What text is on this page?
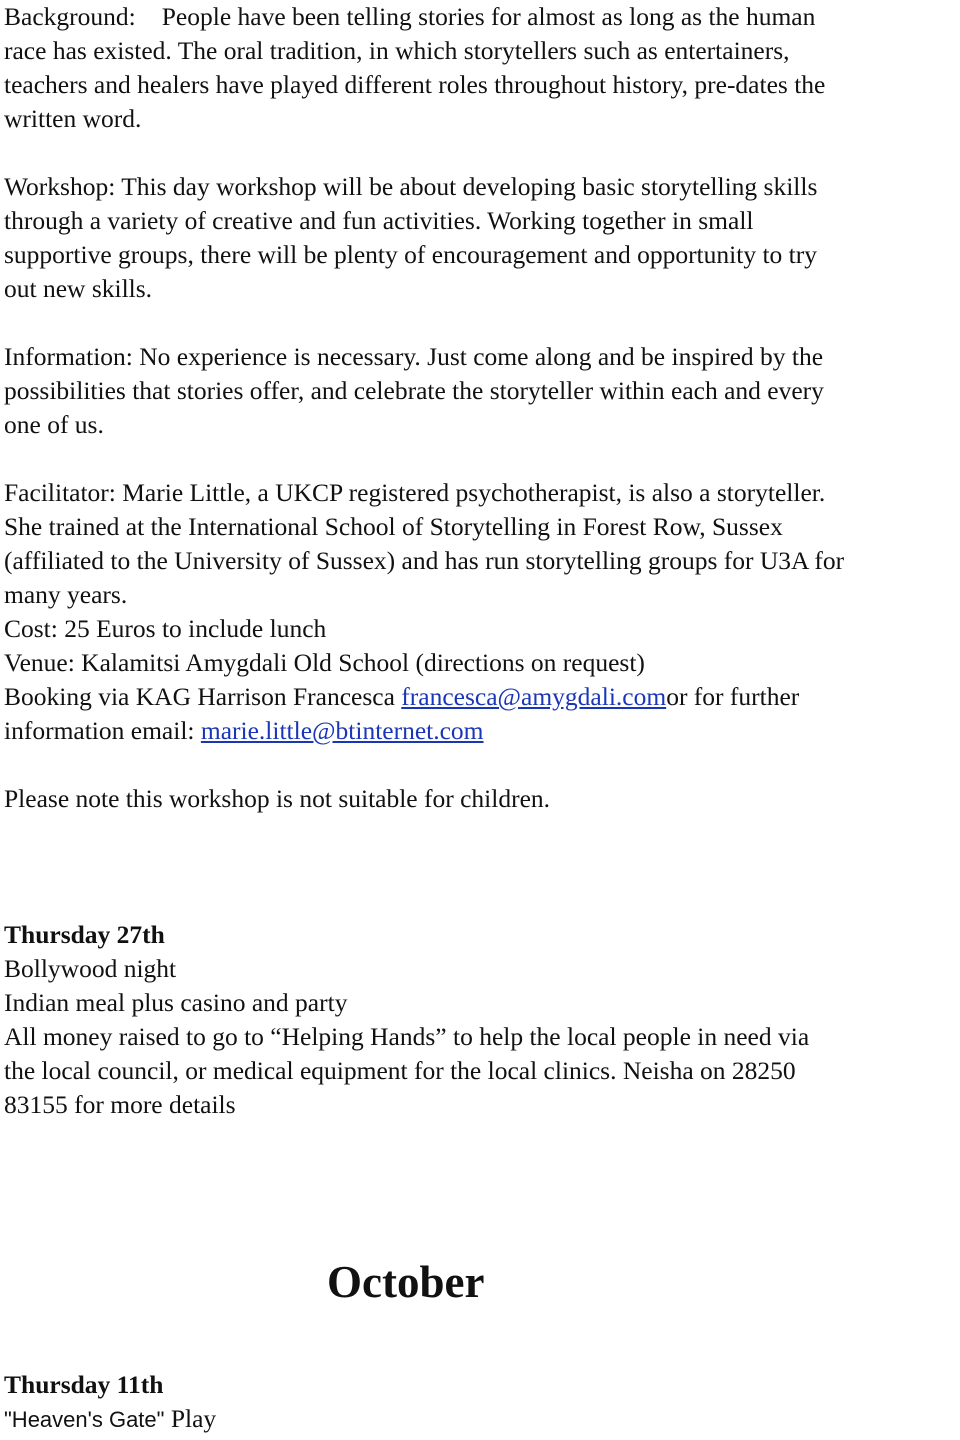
Background: People have been telling stories for almost as long as the human
race has existed. The oral tradition, in which storytellers such as entertainers,
teachers and healers have played different roles throughout history, pre-dates the
written word.
Workshop: This day workshop will be about developing basic storytelling skills
through a variety of creative and fun activities. Working together in small
supportive groups, there will be plenty of encouragement and opportunity to try
out new skills.
Information: No experience is necessary. Just come along and be inspired by the
possibilities that stories offer, and celebrate the storyteller within each and every
one of us.
Facilitator: Marie Little, a UKCP registered psychotherapist, is also a storyteller.
She trained at the International School of Storytelling in Forest Row, Sussex
(affiliated to the University of Sussex) and has run storytelling groups for U3A for
many years.
Cost: 25 Euros to include lunch
Venue: Kalamitsi Amygdali Old School (directions on request)
Booking via KAG Harrison Francesca francesca@amygdali.comor for further
information email: marie.little@btinternet.com
Please note this workshop is not suitable for children.
Thursday 27th
Bollywood night
Indian meal plus casino and party
All money raised to go to “Helping Hands” to help the local people in need via
the local council, or medical equipment for the local clinics. Neisha on 28250
83155 for more details
October
Thursday 11th
"Heaven's Gate" Play
